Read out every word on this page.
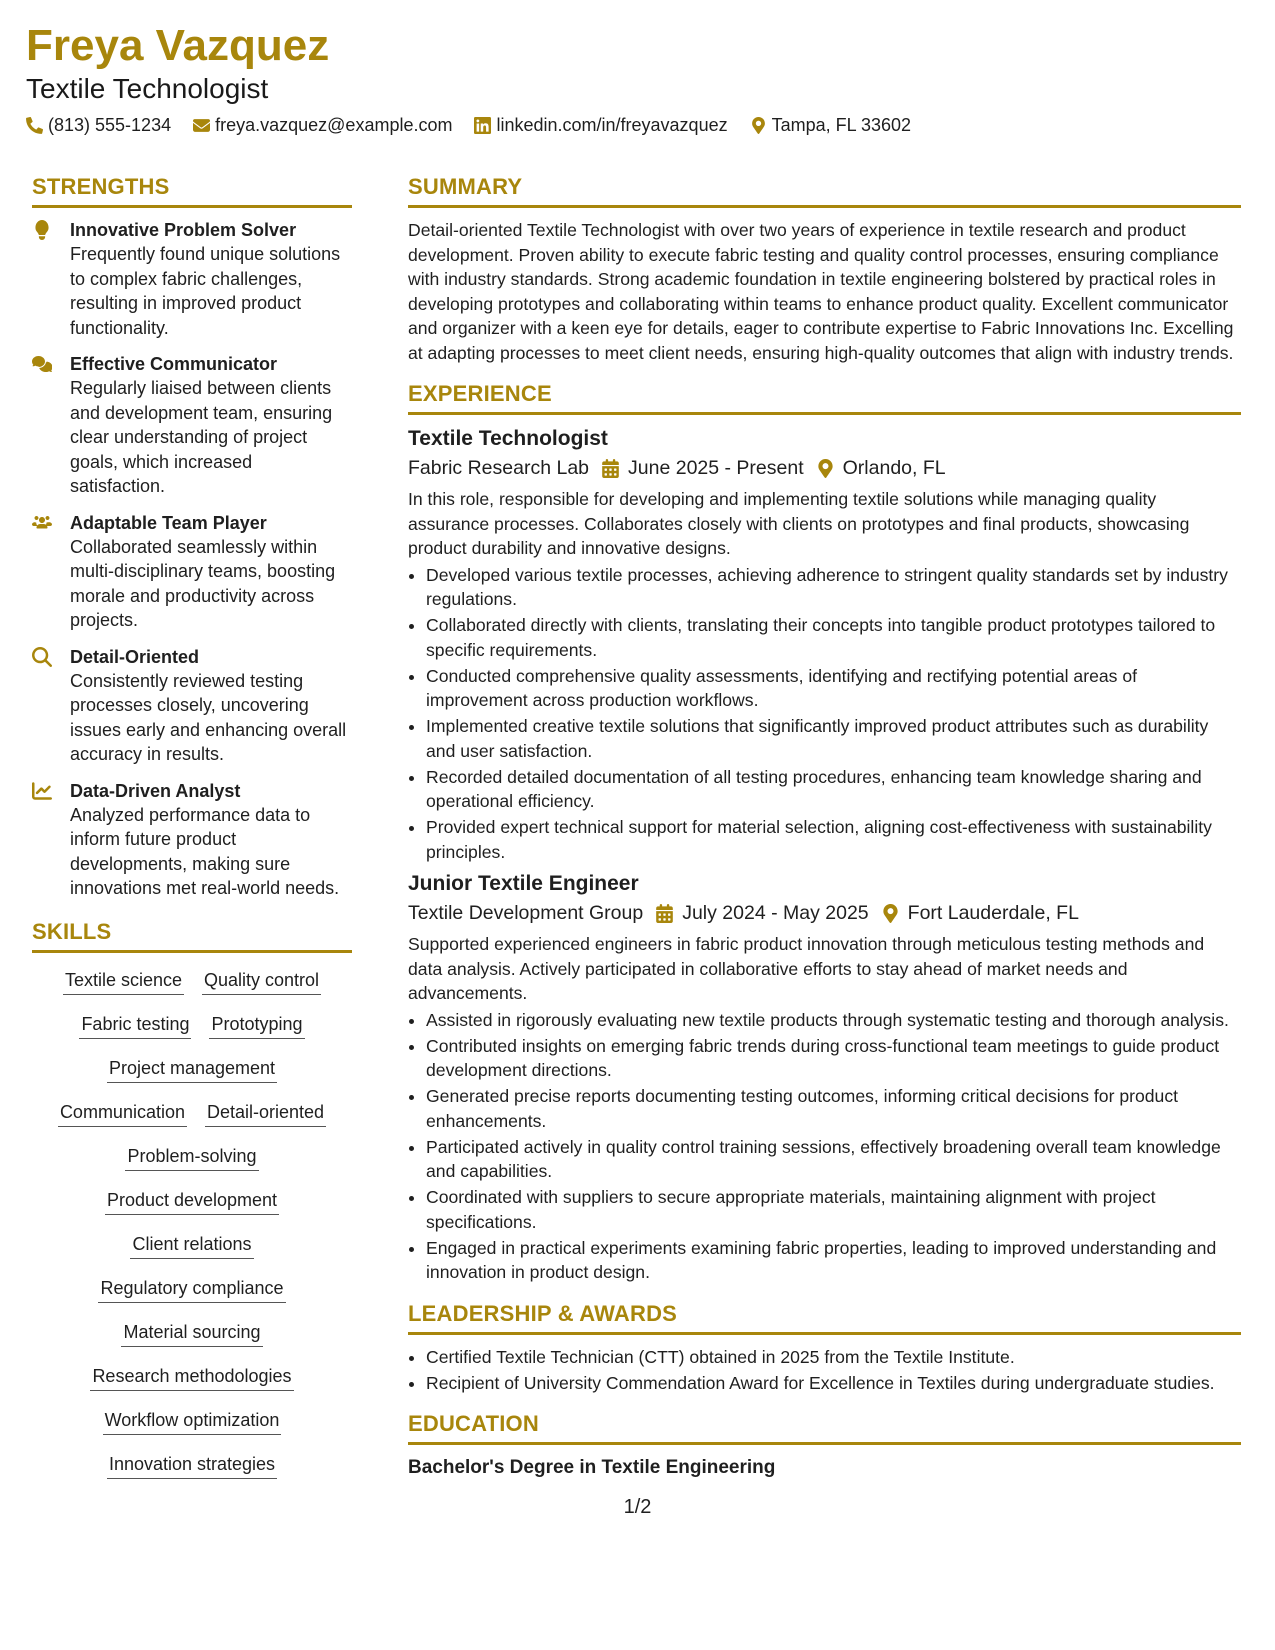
Freya Vazquez
Textile Technologist
(813) 555-1234 freya.vazquez@example.com linkedin.com/in/freyavazquez Tampa, FL 33602
STRENGTHS
Innovative Problem Solver
Frequently found unique solutions to complex fabric challenges, resulting in improved product functionality.
Effective Communicator
Regularly liaised between clients and development team, ensuring clear understanding of project goals, which increased satisfaction.
Adaptable Team Player
Collaborated seamlessly within multi-disciplinary teams, boosting morale and productivity across projects.
Detail-Oriented
Consistently reviewed testing processes closely, uncovering issues early and enhancing overall accuracy in results.
Data-Driven Analyst
Analyzed performance data to inform future product developments, making sure innovations met real-world needs.
SKILLS
Textile science Quality control
Fabric testing Prototyping
Project management
Communication Detail-oriented
Problem-solving
Product development
Client relations
Regulatory compliance
Material sourcing
Research methodologies
Workflow optimization
Innovation strategies
SUMMARY
Detail-oriented Textile Technologist with over two years of experience in textile research and product development. Proven ability to execute fabric testing and quality control processes, ensuring compliance with industry standards. Strong academic foundation in textile engineering bolstered by practical roles in developing prototypes and collaborating within teams to enhance product quality. Excellent communicator and organizer with a keen eye for details, eager to contribute expertise to Fabric Innovations Inc. Excelling at adapting processes to meet client needs, ensuring high-quality outcomes that align with industry trends.
EXPERIENCE
Textile Technologist
Fabric Research Lab June 2025 - Present Orlando, FL
In this role, responsible for developing and implementing textile solutions while managing quality assurance processes. Collaborates closely with clients on prototypes and final products, showcasing product durability and innovative designs.
• Developed various textile processes, achieving adherence to stringent quality standards set by industry regulations.
• Collaborated directly with clients, translating their concepts into tangible product prototypes tailored to specific requirements.
• Conducted comprehensive quality assessments, identifying and rectifying potential areas of improvement across production workflows.
• Implemented creative textile solutions that significantly improved product attributes such as durability and user satisfaction.
• Recorded detailed documentation of all testing procedures, enhancing team knowledge sharing and operational efficiency.
• Provided expert technical support for material selection, aligning cost-effectiveness with sustainability principles.
Junior Textile Engineer
Textile Development Group July 2024 - May 2025 Fort Lauderdale, FL
Supported experienced engineers in fabric product innovation through meticulous testing methods and data analysis. Actively participated in collaborative efforts to stay ahead of market needs and advancements.
• Assisted in rigorously evaluating new textile products through systematic testing and thorough analysis.
• Contributed insights on emerging fabric trends during cross-functional team meetings to guide product development directions.
• Generated precise reports documenting testing outcomes, informing critical decisions for product enhancements.
• Participated actively in quality control training sessions, effectively broadening overall team knowledge and capabilities.
• Coordinated with suppliers to secure appropriate materials, maintaining alignment with project specifications.
• Engaged in practical experiments examining fabric properties, leading to improved understanding and innovation in product design.
LEADERSHIP & AWARDS
• Certified Textile Technician (CTT) obtained in 2025 from the Textile Institute.
• Recipient of University Commendation Award for Excellence in Textiles during undergraduate studies.
EDUCATION
Bachelor's Degree in Textile Engineering
1/2
